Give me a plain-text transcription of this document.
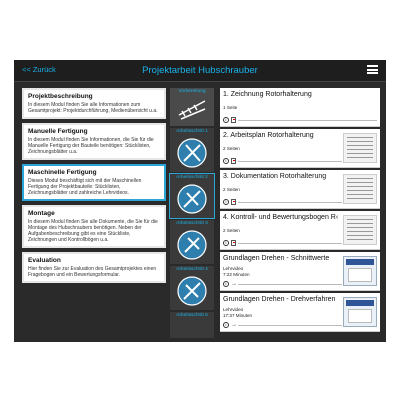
<< Zurück	Projektarbeit Hubschrauber
Projektbeschreibung

In diesem Modul finden Sie alle Informationen zum Gesamtprojekt: Projektdurchführung, Medienübersicht u.a.

Manuelle Fertigung

In diesem Modul finden Sie Informationen, die Sie für die Manuelle Fertigung der Bauteile benötigen: Stücklisten, Zeichnungsblätter u.a.

Maschinelle Fertigung

Dieses Modul beschäftigt sich mit der Maschinellen Fertigung der Projektbauteile: Stücklisten, Zeichnungsblätter und zahlreiche Lehrvideos.

Montage

In diesem Modul finden Sie alle Dokumente, die Sie für die Montage des Hubschraubers benötigen. Neben der Aufgabenbeschreibung gibt es eine Stückliste, Zeichnungen und Kontrollbögen u.a.

Evaluation

Hier finden Sie zur Evaluation des Gesamtprojektes einen Fragebogen und ein Bewertungsformular.

Vorbereitung
Arbeitsschritt 1
Arbeitsschritt 2
Arbeitsschritt 3
Arbeitsschritt 4
Arbeitsschritt 5
1. Zeichnung Rotorhalterung
1 Seite
i
2. Arbeitsplan Rotorhalterung
2 Seiten
i
3. Dokumentation Rotorhalterung
2 Seiten
i
4. Kontroll- und Bewertungsbogen R‹
2 Seiten
i
Grundlagen Drehen - Schnittwerte
Lehrvideo
7:22 Minuten
i →
Grundlagen Drehen - Drehverfahren
Lehrvideo
17:37 Minuten
i →
